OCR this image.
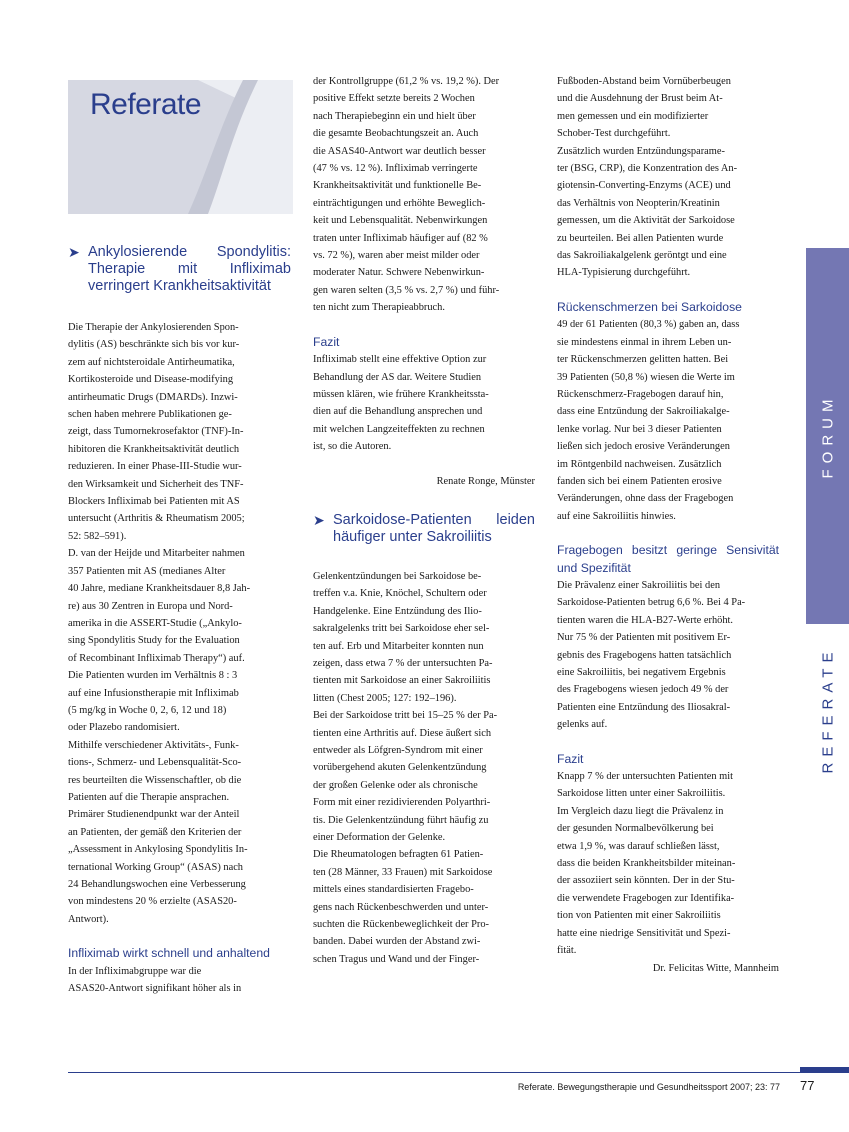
Referate
➤ Ankylosierende Spondylitis: Therapie mit Infliximab verringert Krankheitsaktivität

Die Therapie der Ankylosierenden Spon-

dylitis (AS) beschränkte sich bis vor kur-

zem auf nichtsteroidale Antirheumatika,

Kortikosteroide und Disease-modifying

antirheumatic Drugs (DMARDs). Inzwi-

schen haben mehrere Publikationen ge-

zeigt, dass Tumornekrosefaktor (TNF)-In-

hibitoren die Krankheitsaktivität deutlich

reduzieren. In einer Phase-III-Studie wur-

den Wirksamkeit und Sicherheit des TNF-

Blockers Infliximab bei Patienten mit AS

untersucht (Arthritis & Rheumatism 2005;

52: 582–591).

D. van der Heijde und Mitarbeiter nahmen

357 Patienten mit AS (medianes Alter

40 Jahre, mediane Krankheitsdauer 8,8 Jah-

re) aus 30 Zentren in Europa und Nord-

amerika in die ASSERT-Studie („Ankylo-

sing Spondylitis Study for the Evaluation

of Recombinant Infliximab Therapy“) auf.

Die Patienten wurden im Verhältnis 8 : 3

auf eine Infusionstherapie mit Infliximab

(5 mg/kg in Woche 0, 2, 6, 12 und 18)

oder Plazebo randomisiert.

Mithilfe verschiedener Aktivitäts-, Funk-

tions-, Schmerz- und Lebensqualität-Sco-

res beurteilten die Wissenschaftler, ob die

Patienten auf die Therapie ansprachen.

Primärer Studienendpunkt war der Anteil

an Patienten, der gemäß den Kriterien der

„Assessment in Ankylosing Spondylitis In-

ternational Working Group“ (ASAS) nach

24 Behandlungswochen eine Verbesserung

von mindestens 20 % erzielte (ASAS20-

Antwort).

Infliximab wirkt schnell und anhaltend

In der Infliximabgruppe war die

ASAS20-Antwort signifikant höher als in

der Kontrollgruppe (61,2 % vs. 19,2 %). Der

positive Effekt setzte bereits 2 Wochen

nach Therapiebeginn ein und hielt über

die gesamte Beobachtungszeit an. Auch

die ASAS40-Antwort war deutlich besser

(47 % vs. 12 %). Infliximab verringerte

Krankheitsaktivität und funktionelle Be-

einträchtigungen und erhöhte Beweglich-

keit und Lebensqualität. Nebenwirkungen

traten unter Infliximab häufiger auf (82 %

vs. 72 %), waren aber meist milder oder

moderater Natur. Schwere Nebenwirkun-

gen waren selten (3,5 % vs. 2,7 %) und führ-

ten nicht zum Therapieabbruch.

Fazit

Infliximab stellt eine effektive Option zur

Behandlung der AS dar. Weitere Studien

müssen klären, wie frühere Krankheitssta-

dien auf die Behandlung ansprechen und

mit welchen Langzeiteffekten zu rechnen

ist, so die Autoren.

Renate Ronge, Münster

➤ Sarkoidose-Patienten leiden häufiger unter Sakroiliitis

Gelenkentzündungen bei Sarkoidose be-

treffen v.a. Knie, Knöchel, Schultern oder

Handgelenke. Eine Entzündung des Ilio-

sakralgelenks tritt bei Sarkoidose eher sel-

ten auf. Erb und Mitarbeiter konnten nun

zeigen, dass etwa 7 % der untersuchten Pa-

tienten mit Sarkoidose an einer Sakroiliitis

litten (Chest 2005; 127: 192–196).

Bei der Sarkoidose tritt bei 15–25 % der Pa-

tienten eine Arthritis auf. Diese äußert sich

entweder als Löfgren-Syndrom mit einer

vorübergehend akuten Gelenkentzündung

der großen Gelenke oder als chronische

Form mit einer rezidivierenden Polyarthri-

tis. Die Gelenkentzündung führt häufig zu

einer Deformation der Gelenke.

Die Rheumatologen befragten 61 Patien-

ten (28 Männer, 33 Frauen) mit Sarkoidose

mittels eines standardisierten Fragebo-

gens nach Rückenbeschwerden und unter-

suchten die Rückenbeweglichkeit der Pro-

banden. Dabei wurden der Abstand zwi-

schen Tragus und Wand und der Finger-

Fußboden-Abstand beim Vornüberbeugen

und die Ausdehnung der Brust beim At-

men gemessen und ein modifizierter

Schober-Test durchgeführt.

Zusätzlich wurden Entzündungsparame-

ter (BSG, CRP), die Konzentration des An-

giotensin-Converting-Enzyms (ACE) und

das Verhältnis von Neopterin/Kreatinin

gemessen, um die Aktivität der Sarkoidose

zu beurteilen. Bei allen Patienten wurde

das Sakroiliakalgelenk geröntgt und eine

HLA-Typisierung durchgeführt.

Rückenschmerzen bei Sarkoidose

49 der 61 Patienten (80,3 %) gaben an, dass

sie mindestens einmal in ihrem Leben un-

ter Rückenschmerzen gelitten hatten. Bei

39 Patienten (50,8 %) wiesen die Werte im

Rückenschmerz-Fragebogen darauf hin,

dass eine Entzündung der Sakroiliakalge-

lenke vorlag. Nur bei 3 dieser Patienten

ließen sich jedoch erosive Veränderungen

im Röntgenbild nachweisen. Zusätzlich

fanden sich bei einem Patienten erosive

Veränderungen, ohne dass der Fragebogen

auf eine Sakroiliitis hinwies.

Fragebogen besitzt geringe Sensivität und Spezifität

Die Prävalenz einer Sakroiliitis bei den

Sarkoidose-Patienten betrug 6,6 %. Bei 4 Pa-

tienten waren die HLA-B27-Werte erhöht.

Nur 75 % der Patienten mit positivem Er-

gebnis des Fragebogens hatten tatsächlich

eine Sakroiliitis, bei negativem Ergebnis

des Fragebogens wiesen jedoch 49 % der

Patienten eine Entzündung des Iliosakral-

gelenks auf.

Fazit

Knapp 7 % der untersuchten Patienten mit

Sarkoidose litten unter einer Sakroiliitis.

Im Vergleich dazu liegt die Prävalenz in

der gesunden Normalbevölkerung bei

etwa 1,9 %, was darauf schließen lässt,

dass die beiden Krankheitsbilder miteinan-

der assoziiert sein könnten. Der in der Stu-

die verwendete Fragebogen zur Identifika-

tion von Patienten mit einer Sakroiliitis

hatte eine niedrige Sensitivität und Spezi-

fität.

Dr. Felicitas Witte, Mannheim

FORUM
REFERATE
Referate. Bewegungstherapie und Gesundheitssport 2007; 23: 77 77
